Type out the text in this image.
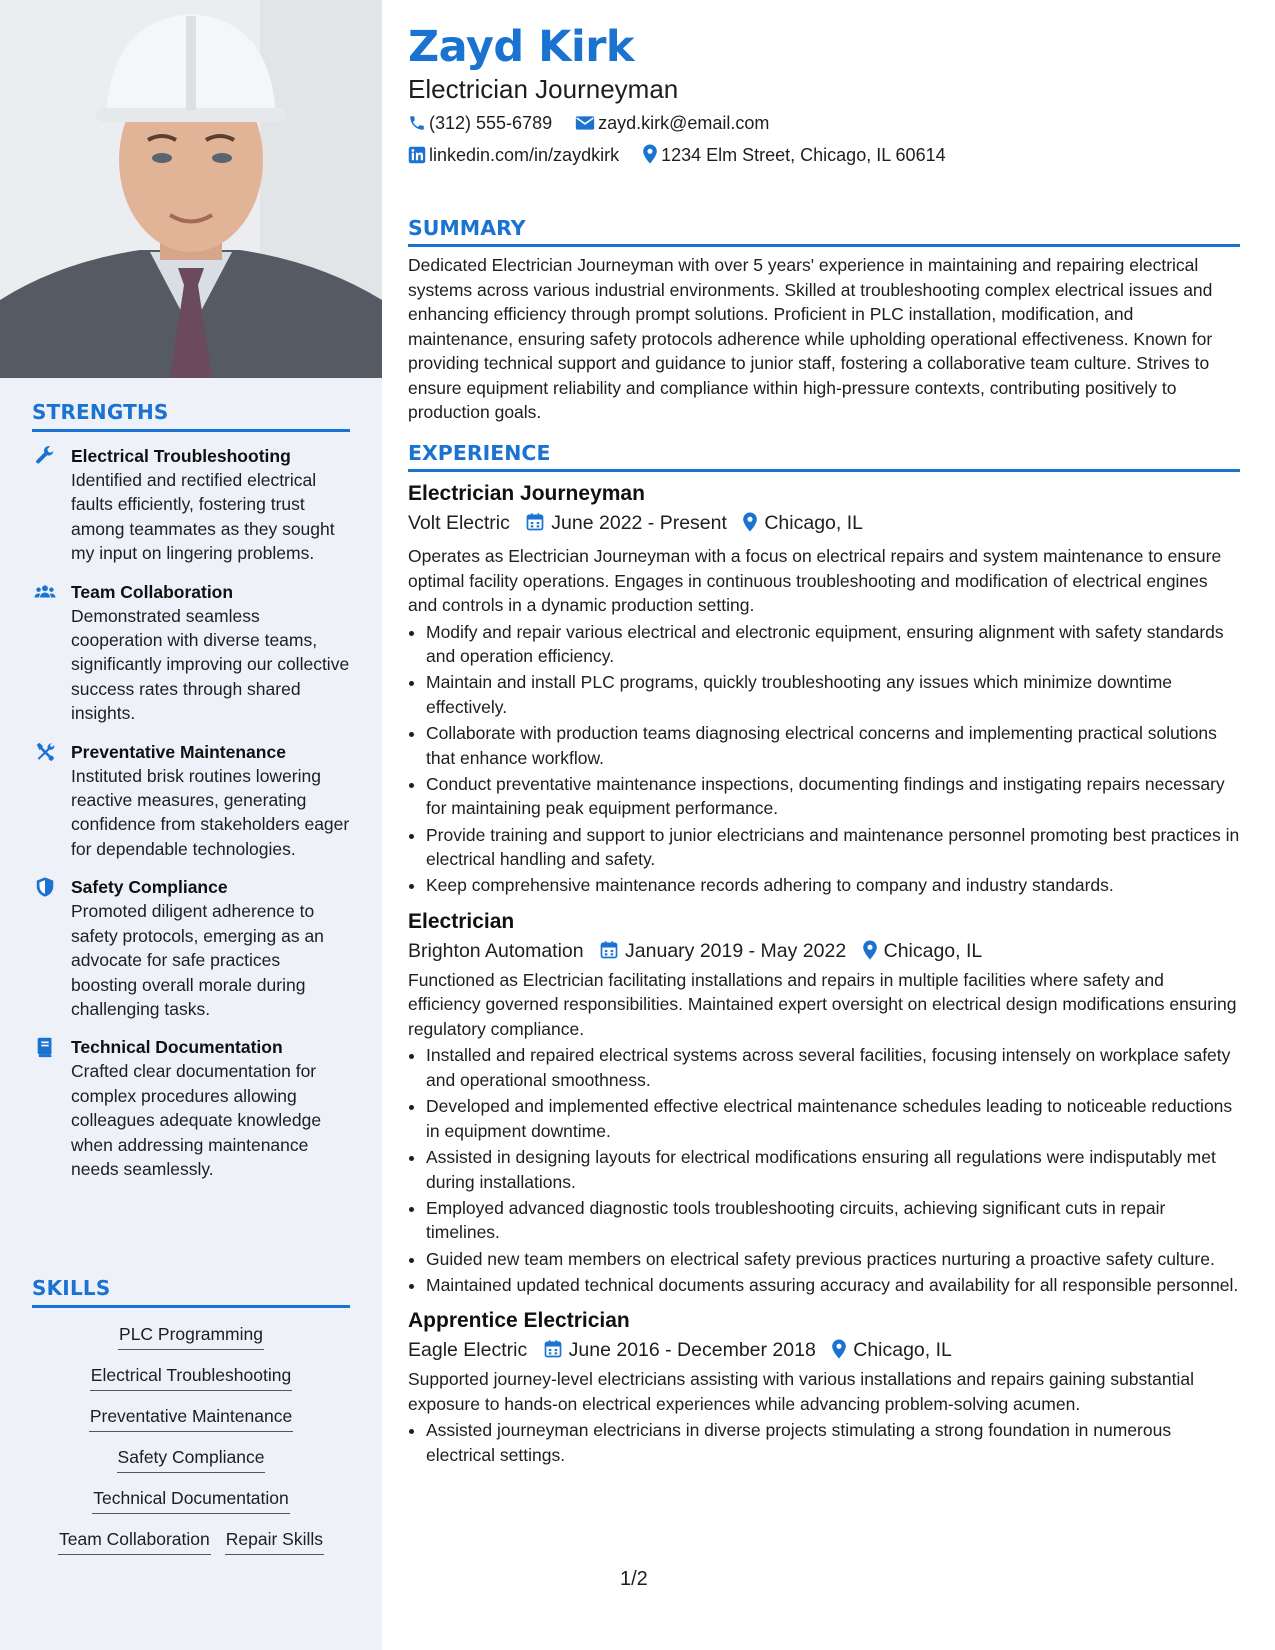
STRENGTHS
Electrical Troubleshooting
Identified and rectified electrical faults efficiently, fostering trust among teammates as they sought my input on lingering problems.
Team Collaboration
Demonstrated seamless cooperation with diverse teams, significantly improving our collective success rates through shared insights.
Preventative Maintenance
Instituted brisk routines lowering reactive measures, generating confidence from stakeholders eager for dependable technologies.
Safety Compliance
Promoted diligent adherence to safety protocols, emerging as an advocate for safe practices boosting overall morale during challenging tasks.
Technical Documentation
Crafted clear documentation for complex procedures allowing colleagues adequate knowledge when addressing maintenance needs seamlessly.
SKILLS
PLC Programming
Electrical Troubleshooting
Preventative Maintenance
Safety Compliance
Technical Documentation
Team Collaboration Repair Skills
Zayd Kirk
Electrician Journeyman
(312) 555-6789	zayd.kirk@email.com
linkedin.com/in/zaydkirk 1234 Elm Street, Chicago, IL 60614
SUMMARY

Dedicated Electrician Journeyman with over 5 years' experience in maintaining and repairing electrical systems across various industrial environments. Skilled at troubleshooting complex electrical issues and enhancing efficiency through prompt solutions. Proficient in PLC installation, modification, and maintenance, ensuring safety protocols adherence while upholding operational effectiveness. Known for providing technical support and guidance to junior staff, fostering a collaborative team culture. Strives to ensure equipment reliability and compliance within high-pressure contexts, contributing positively to production goals.

EXPERIENCE
Electrician Journeyman
Volt Electric June 2022 - Present Chicago, IL

Operates as Electrician Journeyman with a focus on electrical repairs and system maintenance to ensure optimal facility operations. Engages in continuous troubleshooting and modification of electrical engines and controls in a dynamic production setting.

• Modify and repair various electrical and electronic equipment, ensuring alignment with safety standards and operation efficiency.
• Maintain and install PLC programs, quickly troubleshooting any issues which minimize downtime effectively.
• Collaborate with production teams diagnosing electrical concerns and implementing practical solutions that enhance workflow.
• Conduct preventative maintenance inspections, documenting findings and instigating repairs necessary for maintaining peak equipment performance.
• Provide training and support to junior electricians and maintenance personnel promoting best practices in electrical handling and safety.
• Keep comprehensive maintenance records adhering to company and industry standards.
Electrician
Brighton Automation January 2019 - May 2022 Chicago, IL

Functioned as Electrician facilitating installations and repairs in multiple facilities where safety and efficiency governed responsibilities. Maintained expert oversight on electrical design modifications ensuring regulatory compliance.

• Installed and repaired electrical systems across several facilities, focusing intensely on workplace safety and operational smoothness.
• Developed and implemented effective electrical maintenance schedules leading to noticeable reductions in equipment downtime.
• Assisted in designing layouts for electrical modifications ensuring all regulations were indisputably met during installations.
• Employed advanced diagnostic tools troubleshooting circuits, achieving significant cuts in repair timelines.
• Guided new team members on electrical safety previous practices nurturing a proactive safety culture.
• Maintained updated technical documents assuring accuracy and availability for all responsible personnel.
Apprentice Electrician
Eagle Electric June 2016 - December 2018 Chicago, IL

Supported journey-level electricians assisting with various installations and repairs gaining substantial exposure to hands-on electrical experiences while advancing problem-solving acumen.

• Assisted journeyman electricians in diverse projects stimulating a strong foundation in numerous electrical settings.
1/2
